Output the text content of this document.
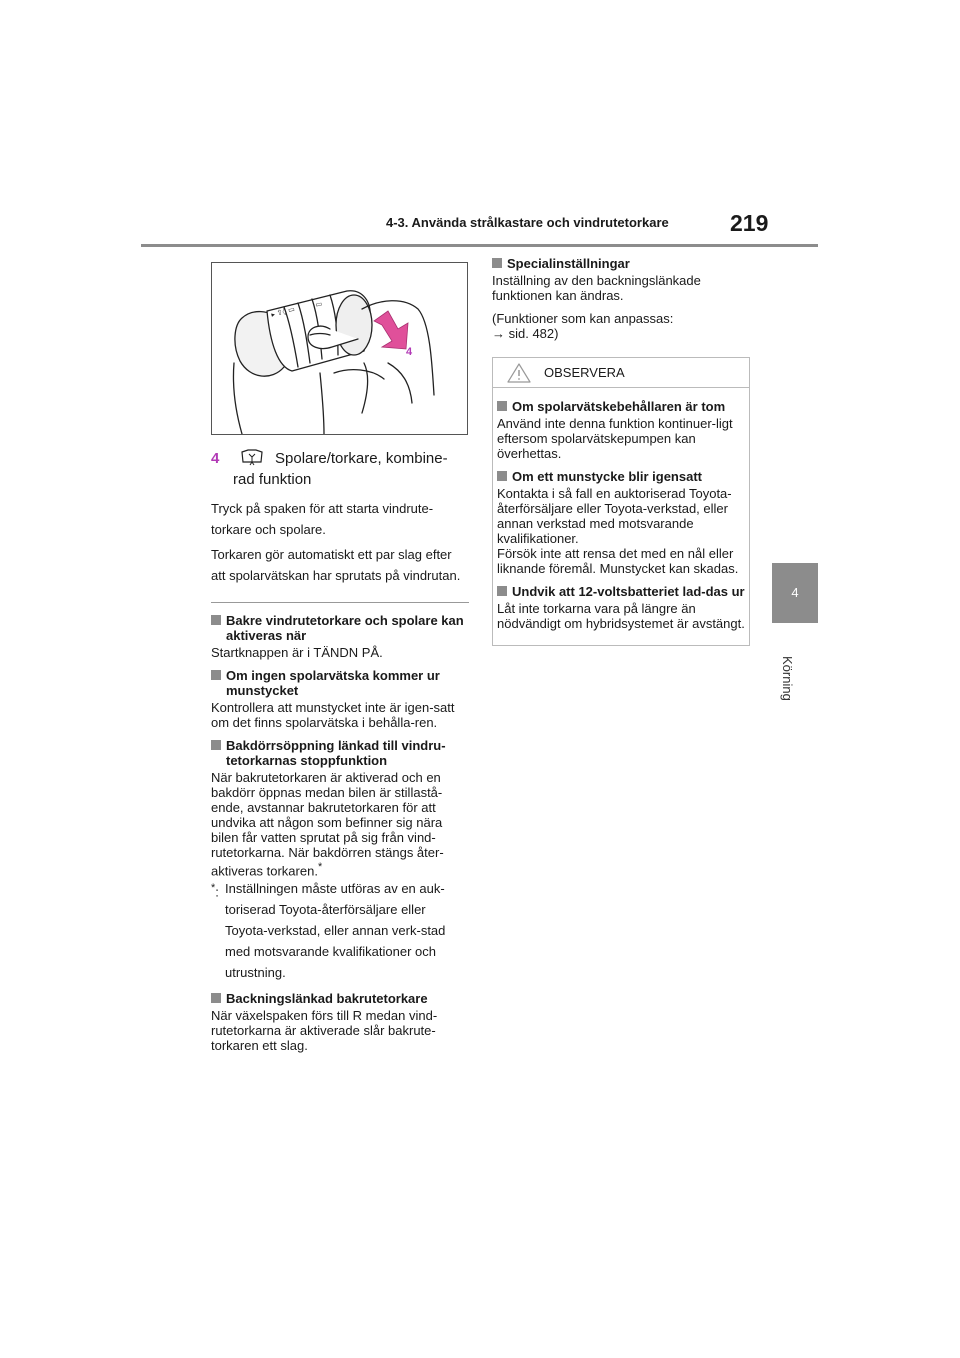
4-3. Använda strålkastare och vindrutetorkare	219
4
Körning
▸ ⇧◊ ▭
▭
4
4	Spolare/torkare, kombine-
rad funktion

Tryck på spaken för att starta vindrute-torkare och spolare.

Torkaren gör automatiskt ett par slag efter att spolarvätskan har sprutats på vindrutan.

Bakre vindrutetorkare och spolare kan aktiveras när

Startknappen är i TÄNDN PÅ.

Om ingen spolarvätska kommer ur munstycket

Kontrollera att munstycket inte är igen-satt om det finns spolarvätska i behålla-ren.

Bakdörrsöppning länkad till vindru-tetorkarnas stoppfunktion

När bakrutetorkaren är aktiverad och en bakdörr öppnas medan bilen är stillastå-ende, avstannar bakrutetorkaren för att undvika att någon som befinner sig nära bilen får vatten sprutat på sig från vind-rutetorkarna. När bakdörren stängs åter-aktiveras torkaren.*

*: Inställningen måste utföras av en auk-toriserad Toyota-återförsäljare eller Toyota-verkstad, eller annan verk-stad med motsvarande kvalifikationer och utrustning.
Backningslänkad bakrutetorkare

När växelspaken förs till R medan vind-rutetorkarna är aktiverade slår bakrute-torkaren ett slag.

Specialinställningar

Inställning av den backningslänkade funktionen kan ändras.

(Funktioner som kan anpassas:
→ sid. 482)

OBSERVERA
Om spolarvätskebehållaren är tom

Använd inte denna funktion kontinuer-ligt eftersom spolarvätskepumpen kan överhettas.

Om ett munstycke blir igensatt

Kontakta i så fall en auktoriserad Toyota-återförsäljare eller Toyota-verkstad, eller annan verkstad med motsvarande kvalifikationer.

Försök inte att rensa det med en nål eller liknande föremål. Munstycket kan skadas.

Undvik att 12-voltsbatteriet lad-das ur

Låt inte torkarna vara på längre än nödvändigt om hybridsystemet är avstängt.
